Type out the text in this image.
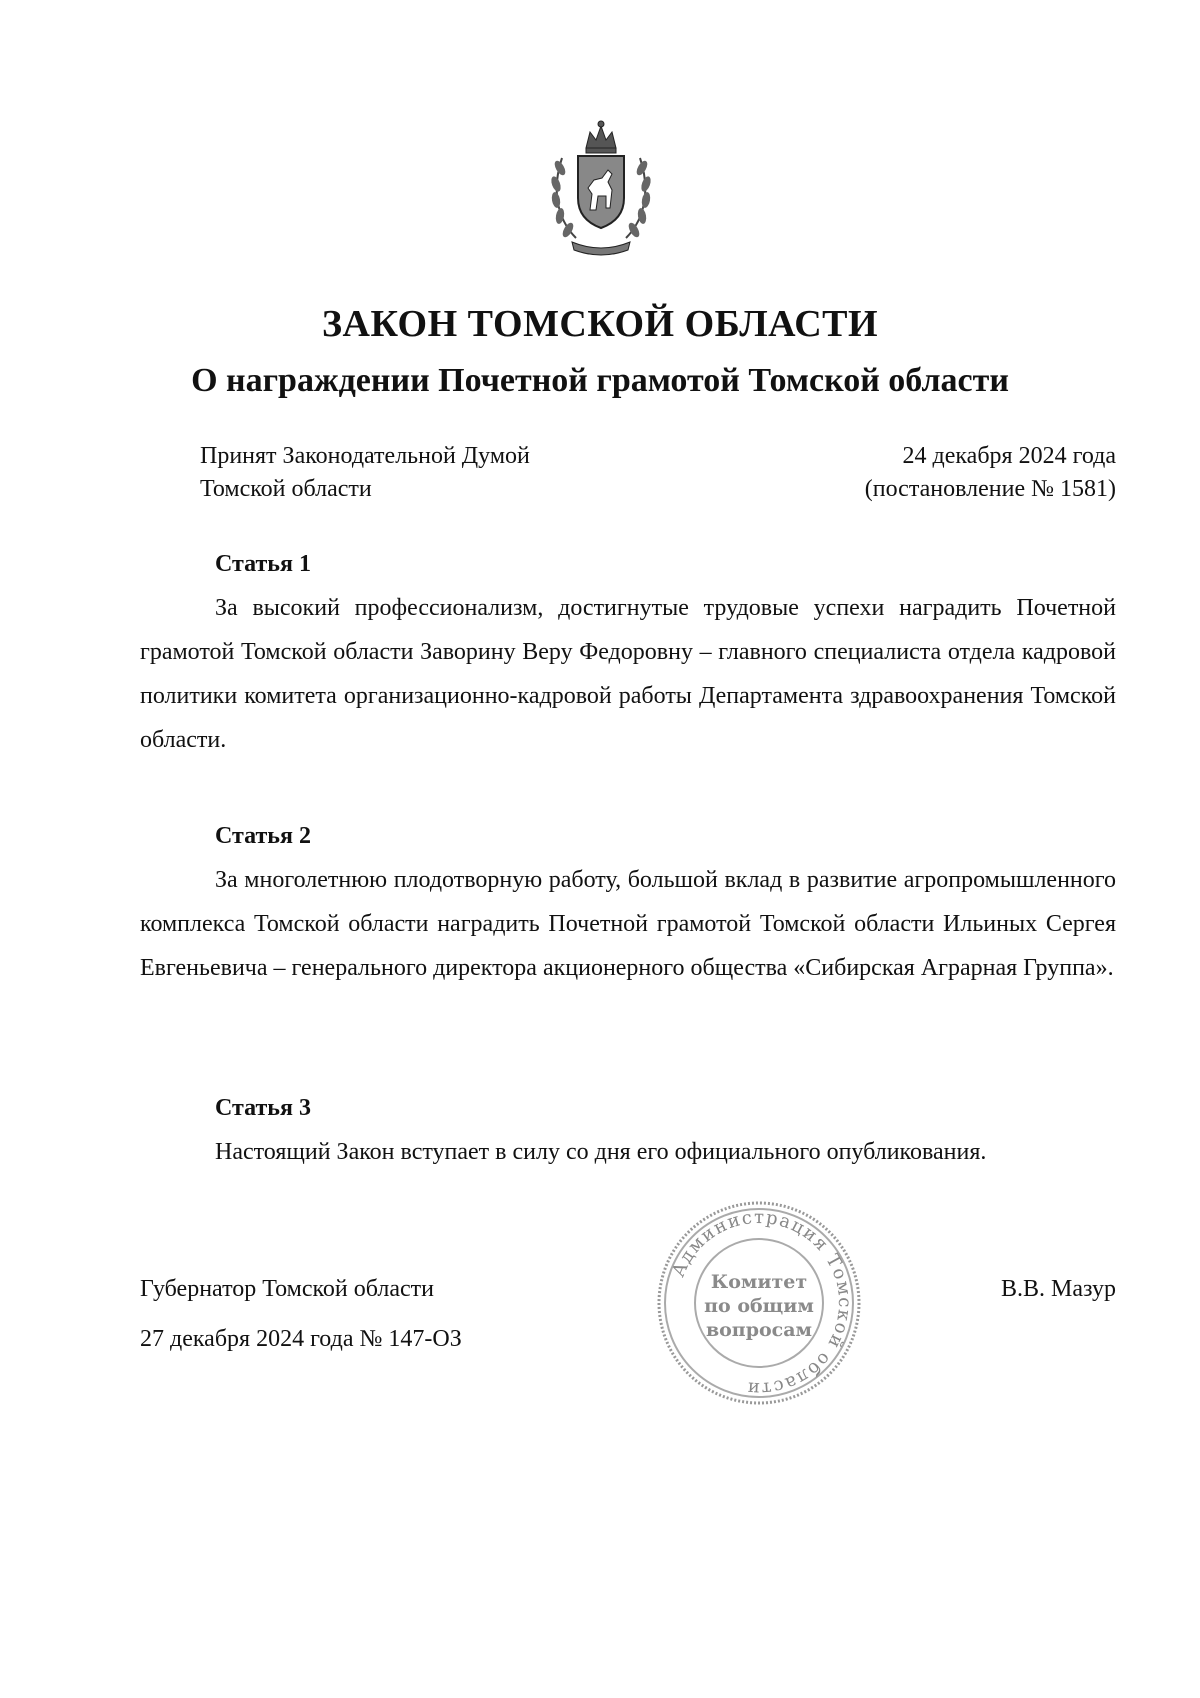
ЗАКОН ТОМСКОЙ ОБЛАСТИ
О награждении Почетной грамотой Томской области
Принят Законодательной Думой
Томской области
24 декабря 2024 года
(постановление № 1581)
Статья 1

За высокий профессионализм, достигнутые трудовые успехи наградить Почетной грамотой Томской области Заворину Веру Федоровну – главного специалиста отдела кадровой политики комитета организационно-кадровой работы Департамента здравоохранения Томской области.

Статья 2

За многолетнюю плодотворную работу, большой вклад в развитие агропромышленного комплекса Томской области наградить Почетной грамотой Томской области Ильиных Сергея Евгеньевича – генерального директора акционерного общества «Сибирская Аграрная Группа».

Статья 3

Настоящий Закон вступает в силу со дня его официального опубликования.

Губернатор Томской области
27 декабря 2024 года № 147-ОЗ
В.В. Мазур
Администрация Томской области
Комитет
по общим
вопросам
